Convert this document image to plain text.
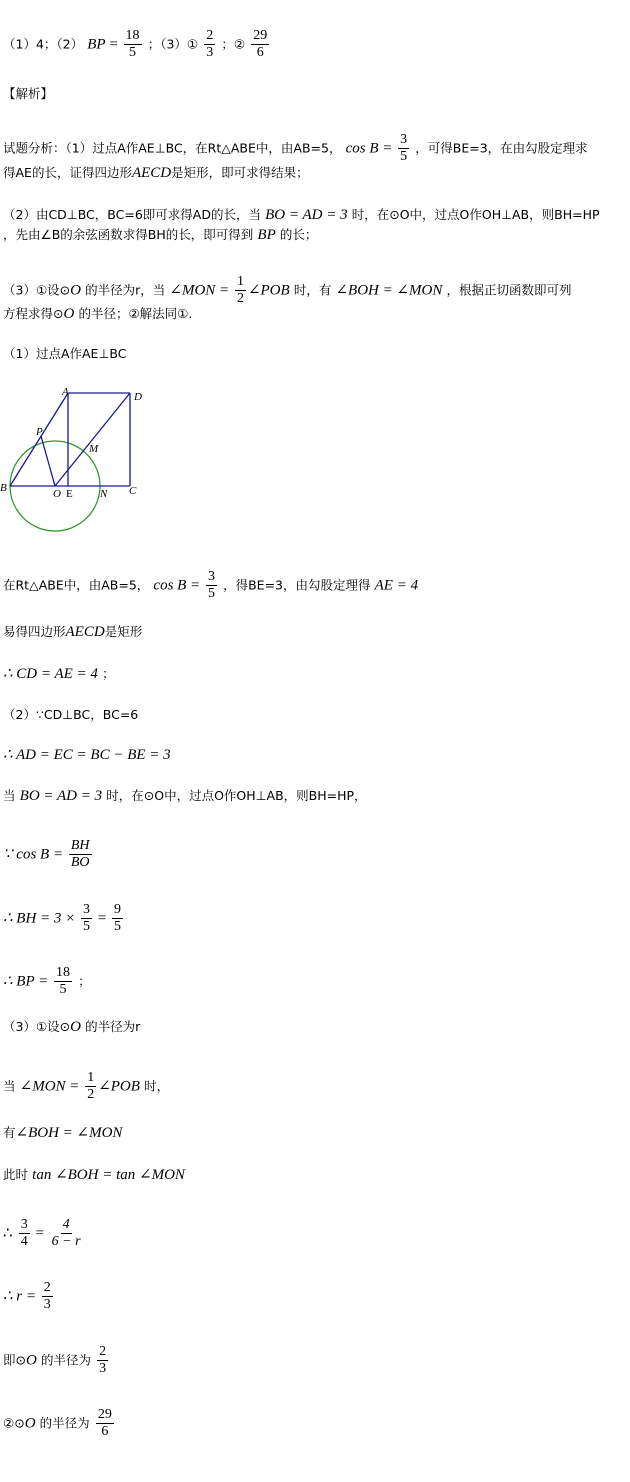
（1）4；（2） BP = $\frac{18}{5}$ ；（3）① $\frac{2}{3}$ ；② $\frac{29}{6}$
【解析】
试题分析：（1）过点A作AE⊥BC，在Rt△ABE中，由AB=5， $\cos B = \frac{3}{5}$ ，可得BE=3，在由勾股定理求
得AE的长，证得四边形AECD是矩形，即可求得结果；
（2）由CD⊥BC，BC=6即可求得AD的长，当 BO = AD = 3 时，在⊙O中，过点O作OH⊥AB，则BH=HP
，先由∠B的余弦函数求得BH的长，即可得到 BP 的长；
（3）①设⊙O 的半径为r，当 ∠MON = $\frac{1}{2}$ ∠POB 时，有 ∠BOH = ∠MON ，根据正切函数即可列
方程求得⊙O 的半径；②解法同①.
（1）过点A作AE⊥BC
A	D
P
M
B	O E N C
在Rt△ABE中，由AB=5， $\cos B = \frac{3}{5}$ ，得BE=3，由勾股定理得 AE = 4
易得四边形AECD是矩形
∴ CD = AE = 4 ；
（2）∵CD⊥BC，BC=6
∴ AD = EC = BC − BE = 3
当 BO = AD = 3 时，在⊙O中，过点O作OH⊥AB，则BH=HP，
∵ $\cos B = \frac{BH}{BO}$
∴ BH = $3 \times \frac{3}{5} = \frac{9}{5}$
∴ BP = $\frac{18}{5}$ ；
（3）①设⊙O 的半径为r
当 ∠MON = $\frac{1}{2}$ ∠POB 时，
有∠BOH = ∠MON
此时 tan ∠BOH = tan ∠MON
∴ $\frac{3}{4} = \frac{4}{6 - r}$
∴ $r = \frac{2}{3}$
即⊙O 的半径为 $\frac{2}{3}$
②⊙O 的半径为 $\frac{29}{6}$
